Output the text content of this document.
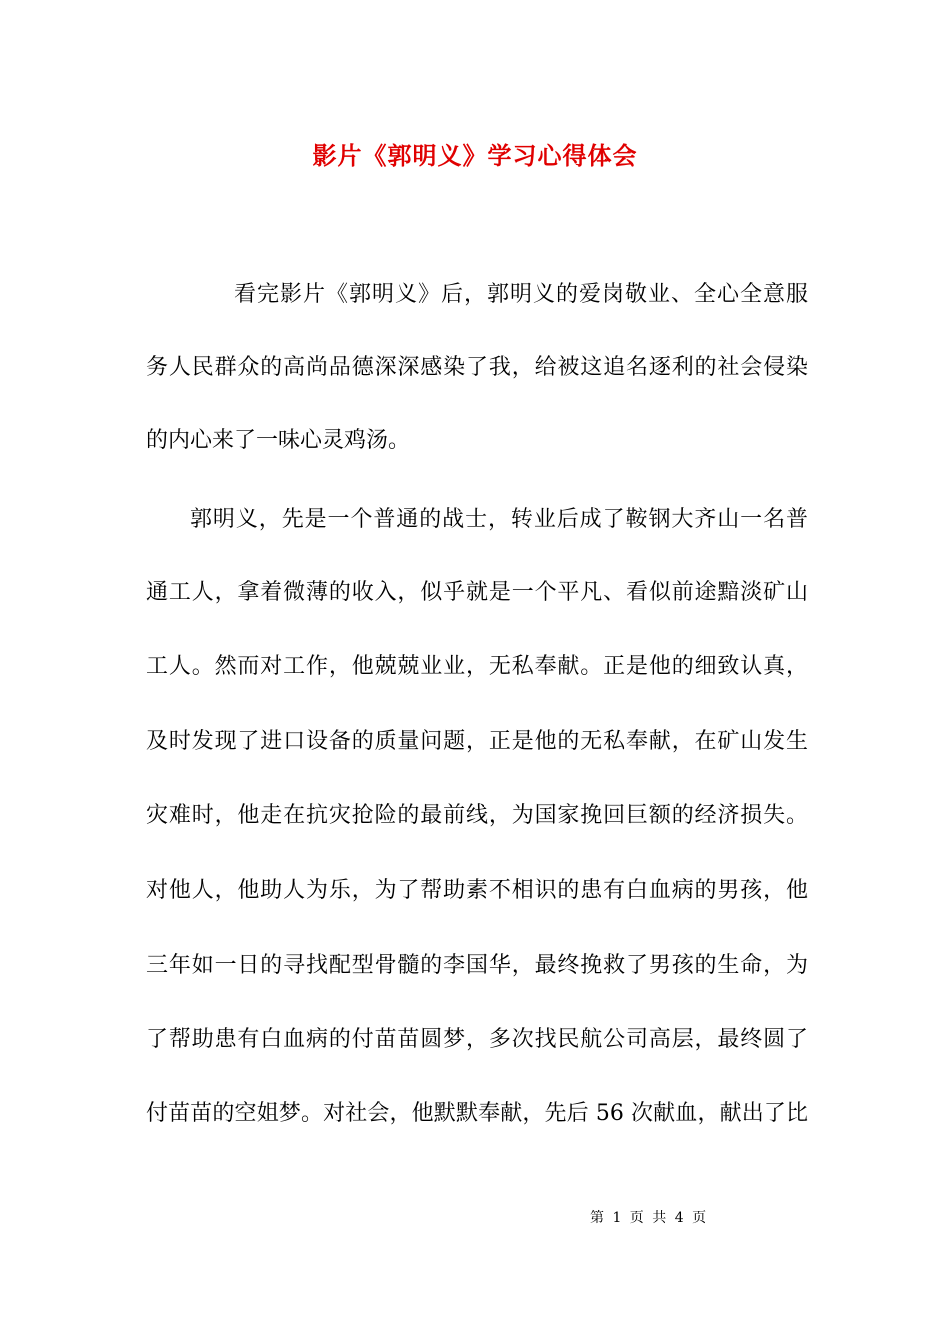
影片《郭明义》学习心得体会
看完影片《郭明义》后，郭明义的爱岗敬业、全心全意服
务人民群众的高尚品德深深感染了我，给被这追名逐利的社会侵染
的内心来了一味心灵鸡汤。
郭明义，先是一个普通的战士，转业后成了鞍钢大齐山一名普
通工人，拿着微薄的收入，似乎就是一个平凡、看似前途黯淡矿山
工人。然而对工作，他兢兢业业，无私奉献。正是他的细致认真，
及时发现了进口设备的质量问题，正是他的无私奉献，在矿山发生
灾难时，他走在抗灾抢险的最前线，为国家挽回巨额的经济损失。
对他人，他助人为乐，为了帮助素不相识的患有白血病的男孩，他
三年如一日的寻找配型骨髓的李国华，最终挽救了男孩的生命，为
了帮助患有白血病的付苗苗圆梦，多次找民航公司高层，最终圆了
付苗苗的空姐梦。对社会，他默默奉献，先后 56 次献血，献出了比
第 1 页 共 4 页
